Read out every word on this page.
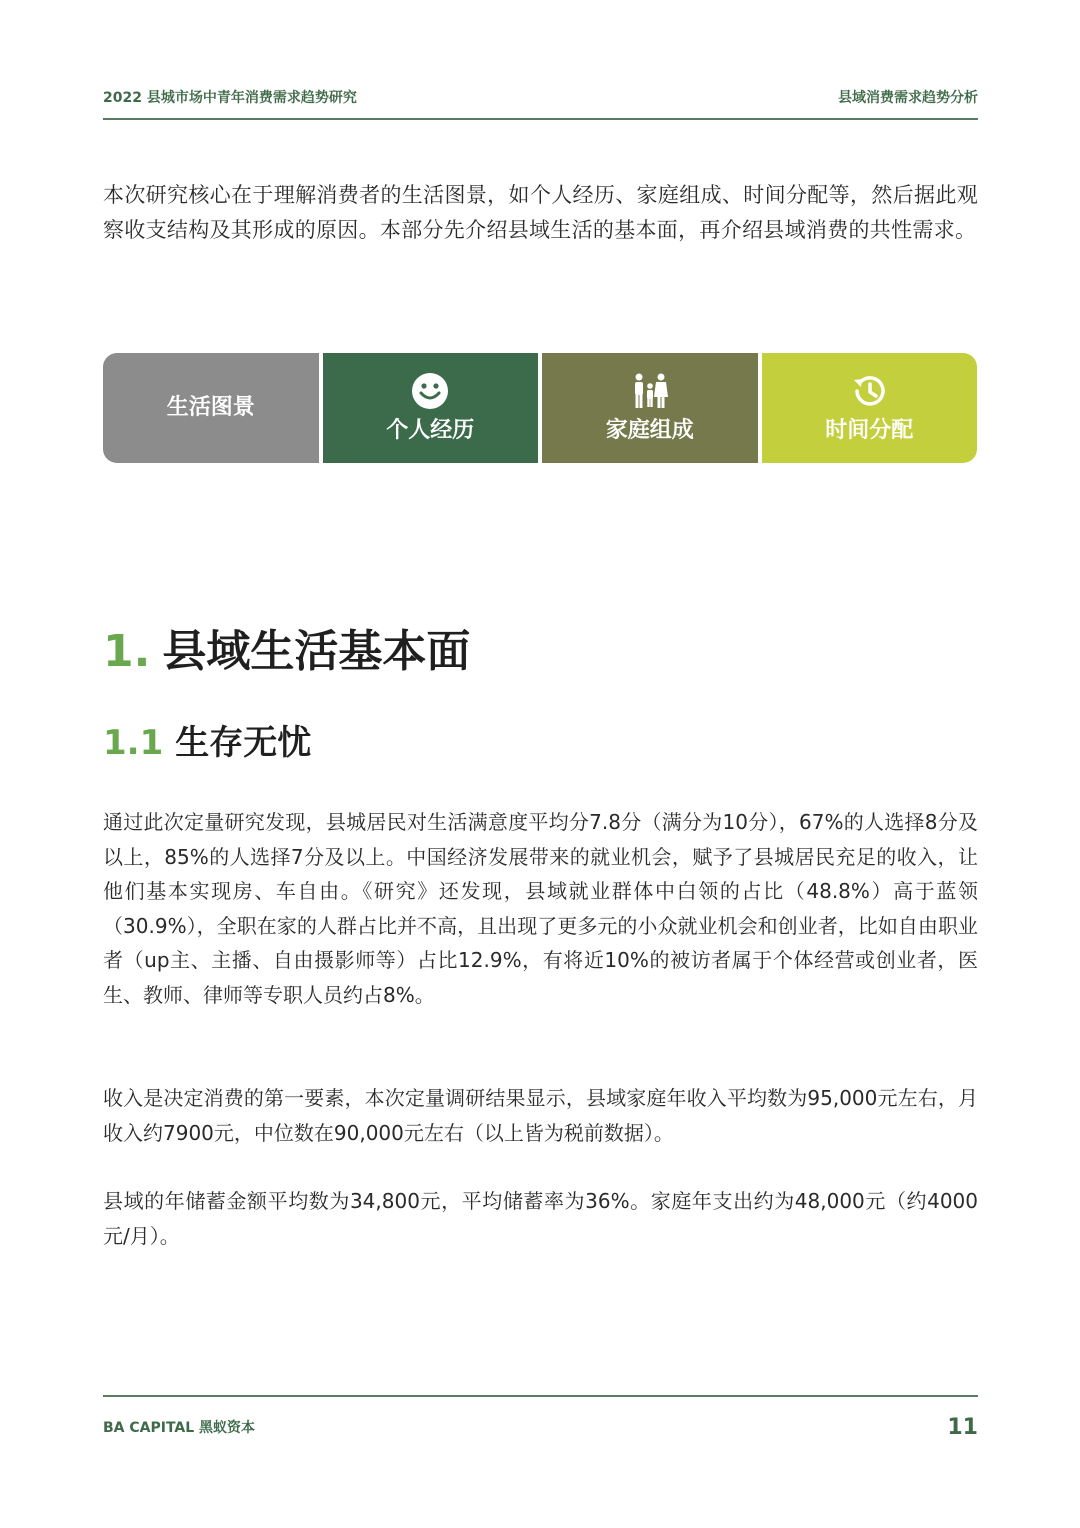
2022 县城市场中青年消费需求趋势研究	县域消费需求趋势分析

本次研究核心在于理解消费者的生活图景，如个人经历、家庭组成、时间分配等，然后据此观察收支结构及其形成的原因。本部分先介绍县域生活的基本面，再介绍县域消费的共性需求。

生活图景
个人经历	家庭组成	时间分配
1. 县域生活基本面
1.1 生存无忧

通过此次定量研究发现，县城居民对生活满意度平均分7.8分（满分为10分），67%的人选择8分及以上，85%的人选择7分及以上。中国经济发展带来的就业机会，赋予了县城居民充足的收入，让他们基本实现房、车自由。《研究》还发现，县域就业群体中白领的占比（48.8%）高于蓝领（30.9%），全职在家的人群占比并不高，且出现了更多元的小众就业机会和创业者，比如自由职业者（up主、主播、自由摄影师等）占比12.9%，有将近10%的被访者属于个体经营或创业者，医生、教师、律师等专职人员约占8%。

收入是决定消费的第一要素，本次定量调研结果显示，县域家庭年收入平均数为95,000元左右，月收入约7900元，中位数在90,000元左右（以上皆为税前数据）。

县域的年储蓄金额平均数为34,800元，平均储蓄率为36%。家庭年支出约为48,000元（约4000元/月）。

BA CAPITAL 黑蚁资本	11
